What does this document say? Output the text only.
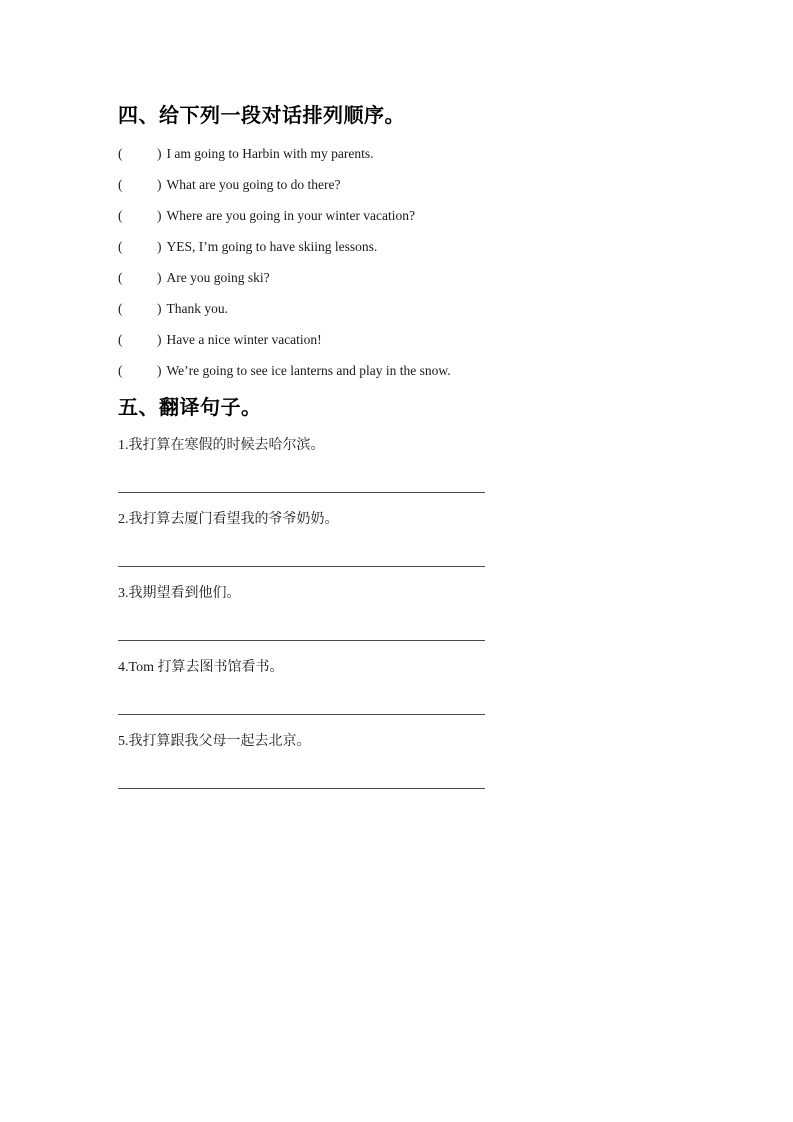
四、给下列一段对话排列顺序。
(	) I am going to Harbin with my parents.
(	) What are you going to do there?
(	) Where are you going in your winter vacation?
(	) YES, I’m going to have skiing lessons.
(	) Are you going ski?
(	) Thank you.
(	) Have a nice winter vacation!
(	) We’re going to see ice lanterns and play in the snow.
五、翻译句子。
1.我打算在寒假的时候去哈尔滨。
2.我打算去厦门看望我的爷爷奶奶。
3.我期望看到他们。
4.Tom 打算去图书馆看书。
5.我打算跟我父母一起去北京。
